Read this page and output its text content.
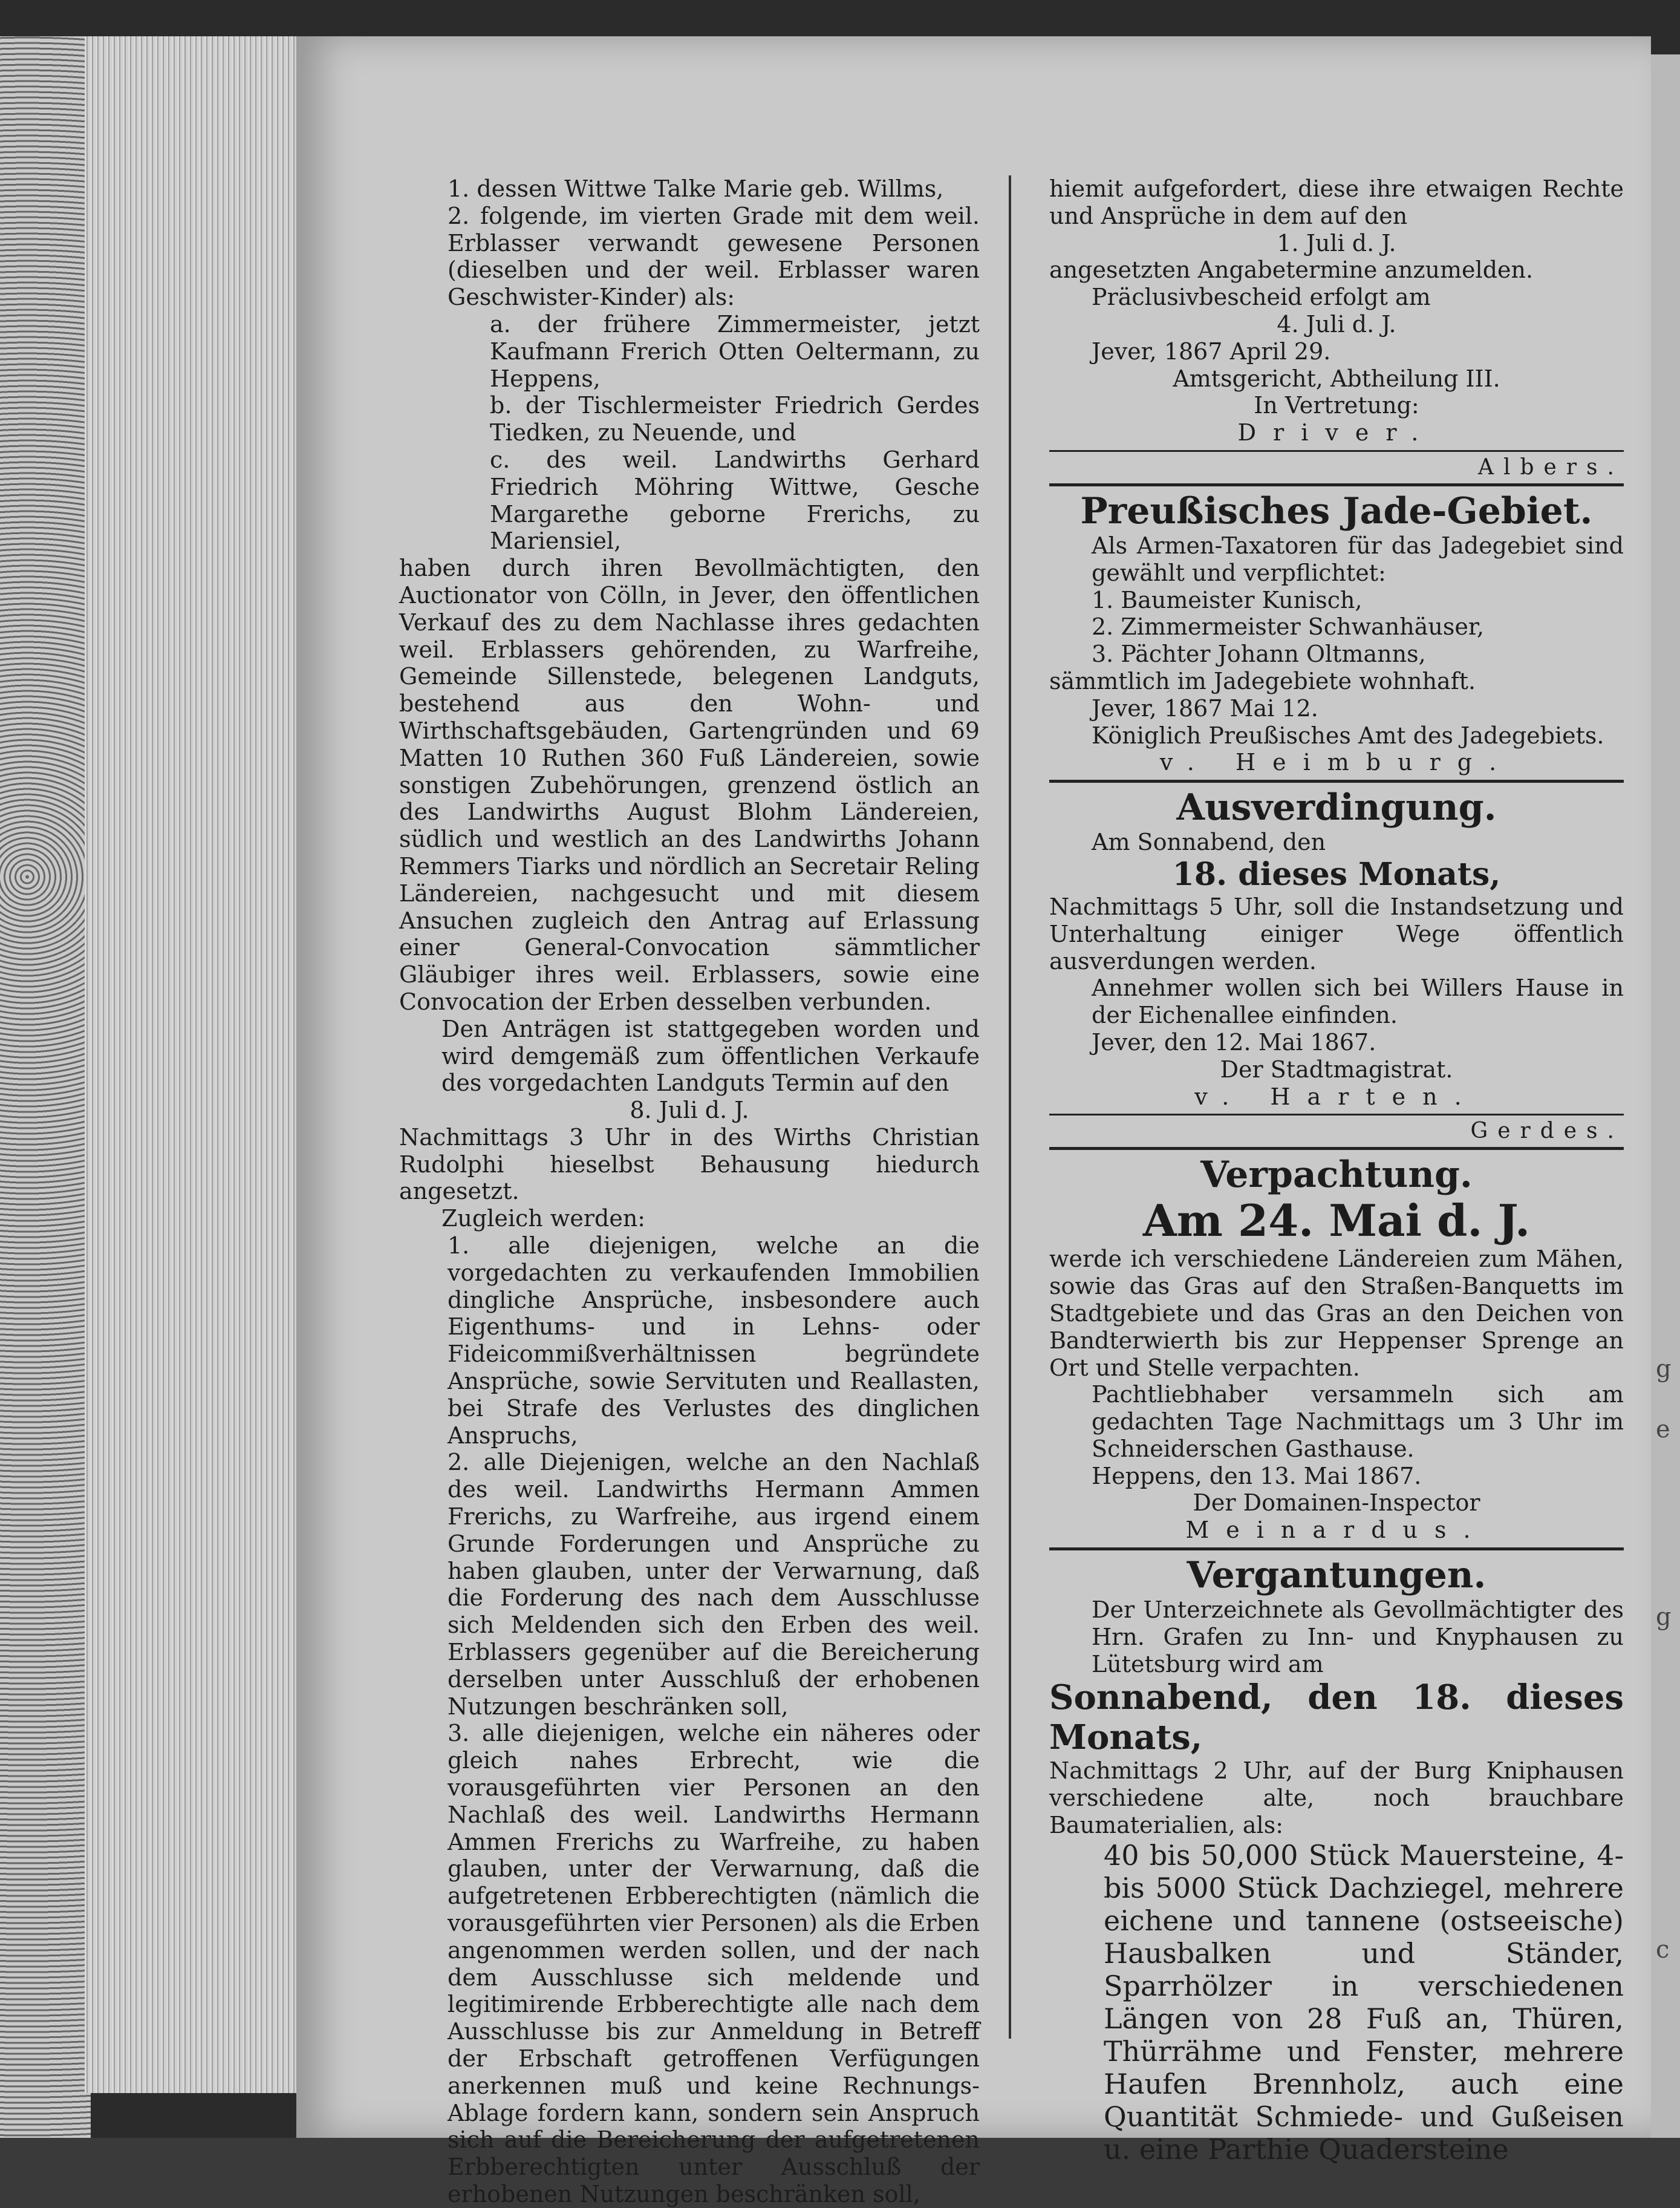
g
e
g
c

1. dessen Wittwe Talke Marie geb. Willms,

2. folgende, im vierten Grade mit dem weil. Erblasser verwandt gewesene Personen (dieselben und der weil. Erblasser waren Geschwister-Kinder) als:

a. der frühere Zimmermeister, jetzt Kaufmann Frerich Otten Oeltermann, zu Heppens,

b. der Tischlermeister Friedrich Gerdes Tiedken, zu Neuende, und

c. des weil. Landwirths Gerhard Friedrich Möhring Wittwe, Gesche Margarethe geborne Frerichs, zu Mariensiel,

haben durch ihren Bevollmächtigten, den Auctionator von Cölln, in Jever, den öffentlichen Verkauf des zu dem Nachlasse ihres gedachten weil. Erblassers gehörenden, zu Warfreihe, Gemeinde Sillenstede, belegenen Landguts, bestehend aus den Wohn- und Wirthschaftsgebäuden, Gartengründen und 69 Matten 10 Ruthen 360 Fuß Ländereien, sowie sonstigen Zubehörungen, grenzend östlich an des Landwirths August Blohm Ländereien, südlich und westlich an des Landwirths Johann Remmers Tiarks und nördlich an Secretair Reling Ländereien, nachgesucht und mit diesem Ansuchen zugleich den Antrag auf Erlassung einer General-Convocation sämmtlicher Gläubiger ihres weil. Erblassers, sowie eine Convocation der Erben desselben verbunden.

Den Anträgen ist stattgegeben worden und wird demgemäß zum öffentlichen Verkaufe des vorgedachten Landguts Termin auf den

8. Juli d. J.

Nachmittags 3 Uhr in des Wirths Christian Rudolphi hieselbst Behausung hiedurch angesetzt.

Zugleich werden:

1. alle diejenigen, welche an die vorgedachten zu verkaufenden Immobilien dingliche Ansprüche, insbesondere auch Eigenthums- und in Lehns- oder Fideicommißverhältnissen begründete Ansprüche, sowie Servituten und Reallasten, bei Strafe des Verlustes des dinglichen Anspruchs,

2. alle Diejenigen, welche an den Nachlaß des weil. Landwirths Hermann Ammen Frerichs, zu Warfreihe, aus irgend einem Grunde Forderungen und Ansprüche zu haben glauben, unter der Verwarnung, daß die Forderung des nach dem Ausschlusse sich Meldenden sich den Erben des weil. Erblassers gegenüber auf die Bereicherung derselben unter Ausschluß der erhobenen Nutzungen beschränken soll,

3. alle diejenigen, welche ein näheres oder gleich nahes Erbrecht, wie die vorausgeführten vier Personen an den Nachlaß des weil. Landwirths Hermann Ammen Frerichs zu Warfreihe, zu haben glauben, unter der Verwarnung, daß die aufgetretenen Erbberechtigten (nämlich die vorausgeführten vier Personen) als die Erben angenommen werden sollen, und der nach dem Ausschlusse sich meldende und legitimirende Erbberechtigte alle nach dem Ausschlusse bis zur Anmeldung in Betreff der Erbschaft getroffenen Verfügungen anerkennen muß und keine Rechnungs-Ablage fordern kann, sondern sein Anspruch sich auf die Bereicherung der aufgetretenen Erbberechtigten unter Ausschluß der erhobenen Nutzungen beschränken soll,

hiemit aufgefordert, diese ihre etwaigen Rechte und Ansprüche in dem auf den

1. Juli d. J.

angesetzten Angabetermine anzumelden.

Präclusivbescheid erfolgt am

4. Juli d. J.

Jever, 1867 April 29.

Amtsgericht, Abtheilung III.

In Vertretung:

Driver.

Albers.

Preußisches Jade-Gebiet.

Als Armen-Taxatoren für das Jadegebiet sind gewählt und verpflichtet:

1. Baumeister Kunisch,

2. Zimmermeister Schwanhäuser,

3. Pächter Johann Oltmanns,

sämmtlich im Jadegebiete wohnhaft.

Jever, 1867 Mai 12.

Königlich Preußisches Amt des Jadegebiets.

v. Heimburg.

Ausverdingung.

Am Sonnabend, den

18. dieses Monats,

Nachmittags 5 Uhr, soll die Instandsetzung und Unterhaltung einiger Wege öffentlich ausverdungen werden.

Annehmer wollen sich bei Willers Hause in der Eichenallee einfinden.

Jever, den 12. Mai 1867.

Der Stadtmagistrat.

v. Harten.

Gerdes.

Verpachtung.

Am 24. Mai d. J.

werde ich verschiedene Ländereien zum Mähen, sowie das Gras auf den Straßen-Banquetts im Stadtgebiete und das Gras an den Deichen von Bandterwierth bis zur Heppenser Sprenge an Ort und Stelle verpachten.

Pachtliebhaber versammeln sich am gedachten Tage Nachmittags um 3 Uhr im Schneiderschen Gasthause.

Heppens, den 13. Mai 1867.

Der Domainen-Inspector

Meinardus.

Vergantungen.

Der Unterzeichnete als Gevollmächtigter des Hrn. Grafen zu Inn- und Knyphausen zu Lütetsburg wird am

Sonnabend, den 18. dieses Monats,

Nachmittags 2 Uhr, auf der Burg Kniphausen verschiedene alte, noch brauchbare Baumaterialien, als:

40 bis 50,000 Stück Mauersteine, 4- bis 5000 Stück Dachziegel, mehrere eichene und tannene (ostseeische) Hausbalken und Ständer, Sparrhölzer in verschiedenen Längen von 28 Fuß an, Thüren, Thürrähme und Fenster, mehrere Haufen Brennholz, auch eine Quantität Schmiede- und Gußeisen u. eine Parthie Quadersteine
